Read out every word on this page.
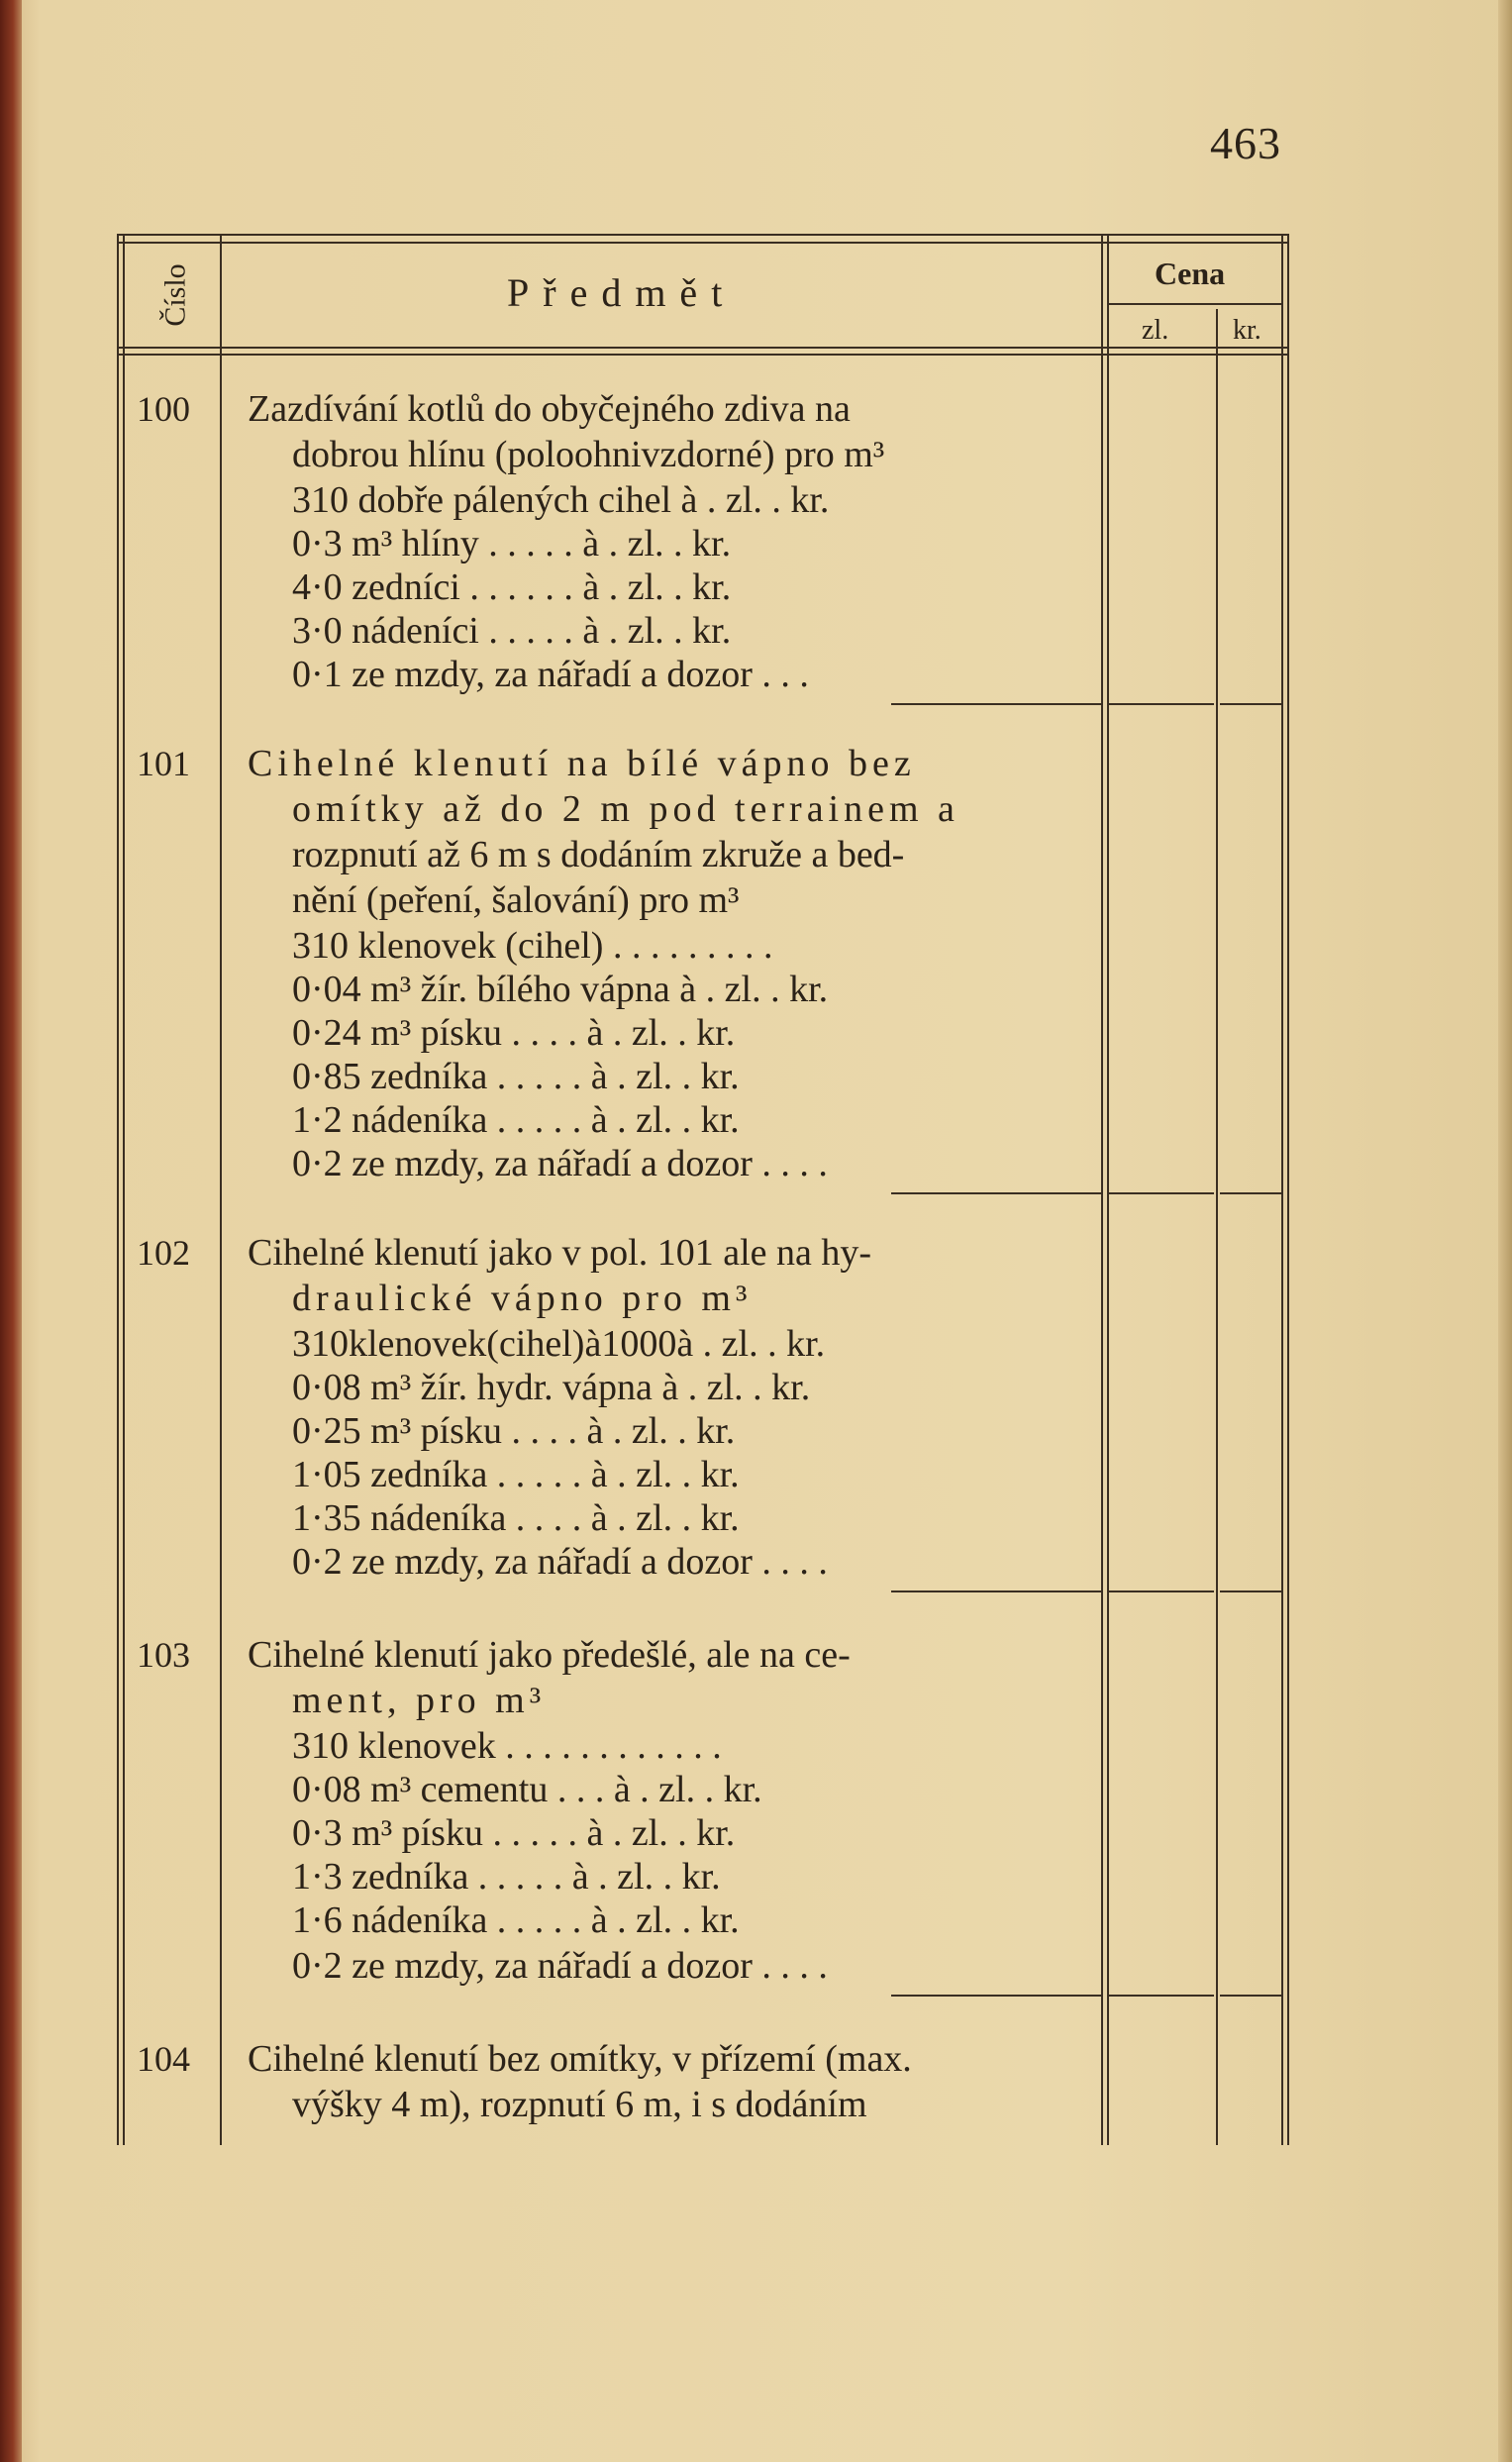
463
Číslo	Předmět	Cena
zl. kr.
100 Zazdívání kotlů do obyčejného zdiva na
dobrou hlínu (poloohnivzdorné) pro m³
310 dobře pálených cihel à . zl. . kr.
0·3 m³ hlíny . . . . . à . zl. . kr.
4·0 zedníci . . . . . . à . zl. . kr.
3·0 nádeníci . . . . . à . zl. . kr.
0·1 ze mzdy, za nářadí a dozor . . .
101 Cihelné klenutí na bílé vápno bez
omítky až do 2 m pod terrainem a
rozpnutí až 6 m s dodáním zkruže a bed-
nění (peření, šalování) pro m³
310 klenovek (cihel) . . . . . . . . .
0·04 m³ žír. bílého vápna à . zl. . kr.
0·24 m³ písku . . . . à . zl. . kr.
0·85 zedníka . . . . . à . zl. . kr.
1·2 nádeníka . . . . . à . zl. . kr.
0·2 ze mzdy, za nářadí a dozor . . . .
102 Cihelné klenutí jako v pol. 101 ale na hy-
draulické vápno pro m³
310klenovek(cihel)à1000à . zl. . kr.
0·08 m³ žír. hydr. vápna à . zl. . kr.
0·25 m³ písku . . . . à . zl. . kr.
1·05 zedníka . . . . . à . zl. . kr.
1·35 nádeníka . . . . à . zl. . kr.
0·2 ze mzdy, za nářadí a dozor . . . .
103 Cihelné klenutí jako předešlé, ale na ce-
ment, pro m³
310 klenovek . . . . . . . . . . . .
0·08 m³ cementu . . . à . zl. . kr.
0·3 m³ písku . . . . . à . zl. . kr.
1·3 zedníka . . . . . à . zl. . kr.
1·6 nádeníka . . . . . à . zl. . kr.
0·2 ze mzdy, za nářadí a dozor . . . .
104 Cihelné klenutí bez omítky, v přízemí (max.
výšky 4 m), rozpnutí 6 m, i s dodáním
